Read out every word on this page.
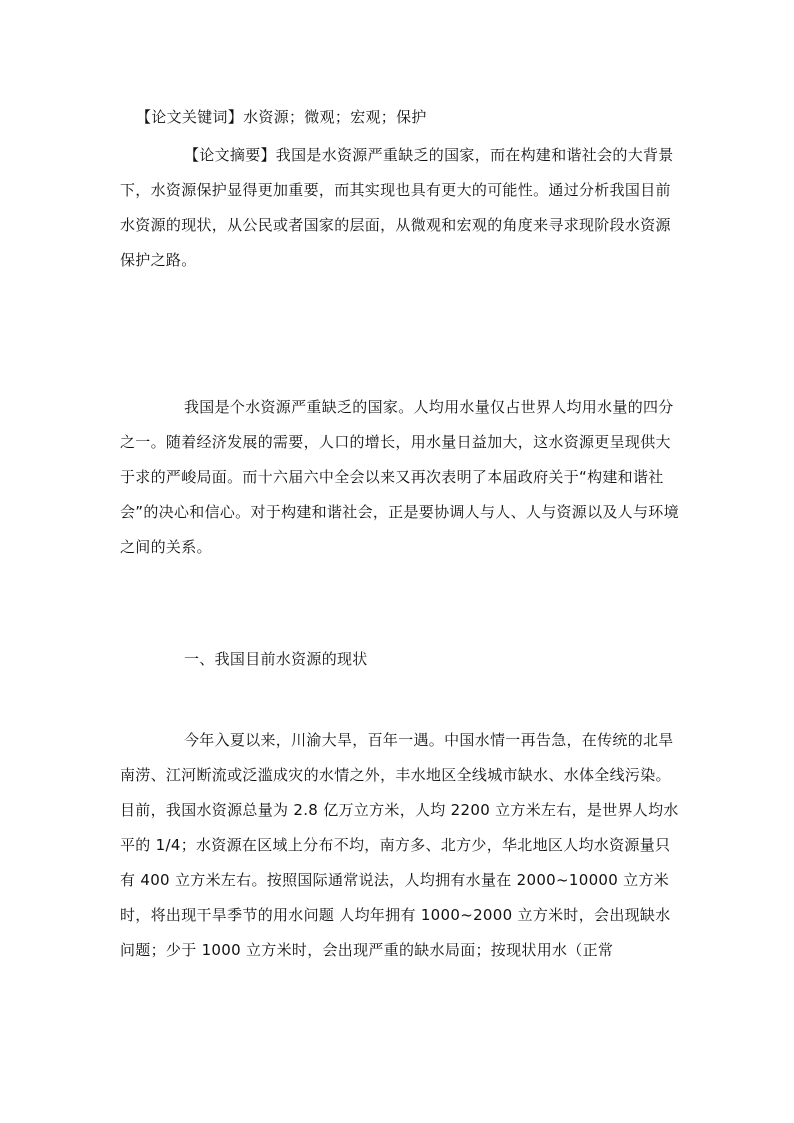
【论文关键词】水资源；微观；宏观；保护

【论文摘要】我国是水资源严重缺乏的国家，而在构建和谐社会的大背景下，水资源保护显得更加重要，而其实现也具有更大的可能性。通过分析我国目前水资源的现状，从公民或者国家的层面，从微观和宏观的角度来寻求现阶段水资源保护之路。

我国是个水资源严重缺乏的国家。人均用水量仅占世界人均用水量的四分之一。随着经济发展的需要，人口的增长，用水量日益加大，这水资源更呈现供大于求的严峻局面。而十六届六中全会以来又再次表明了本届政府关于“构建和谐社会”的决心和信心。对于构建和谐社会，正是要协调人与人、人与资源以及人与环境之间的关系。

一、我国目前水资源的现状

今年入夏以来，川渝大旱，百年一遇。中国水情一再告急，在传统的北旱南涝、江河断流或泛滥成灾的水情之外，丰水地区全线城市缺水、水体全线污染。目前，我国水资源总量为 2.8 亿万立方米，人均 2200 立方米左右，是世界人均水平的 1/4；水资源在区域上分布不均，南方多、北方少，华北地区人均水资源量只有 400 立方米左右。按照国际通常说法，人均拥有水量在 2000~10000 立方米时，将出现干旱季节的用水问题 人均年拥有 1000~2000 立方米时，会出现缺水问题；少于 1000 立方米时，会出现严重的缺水局面；按现状用水（正常
